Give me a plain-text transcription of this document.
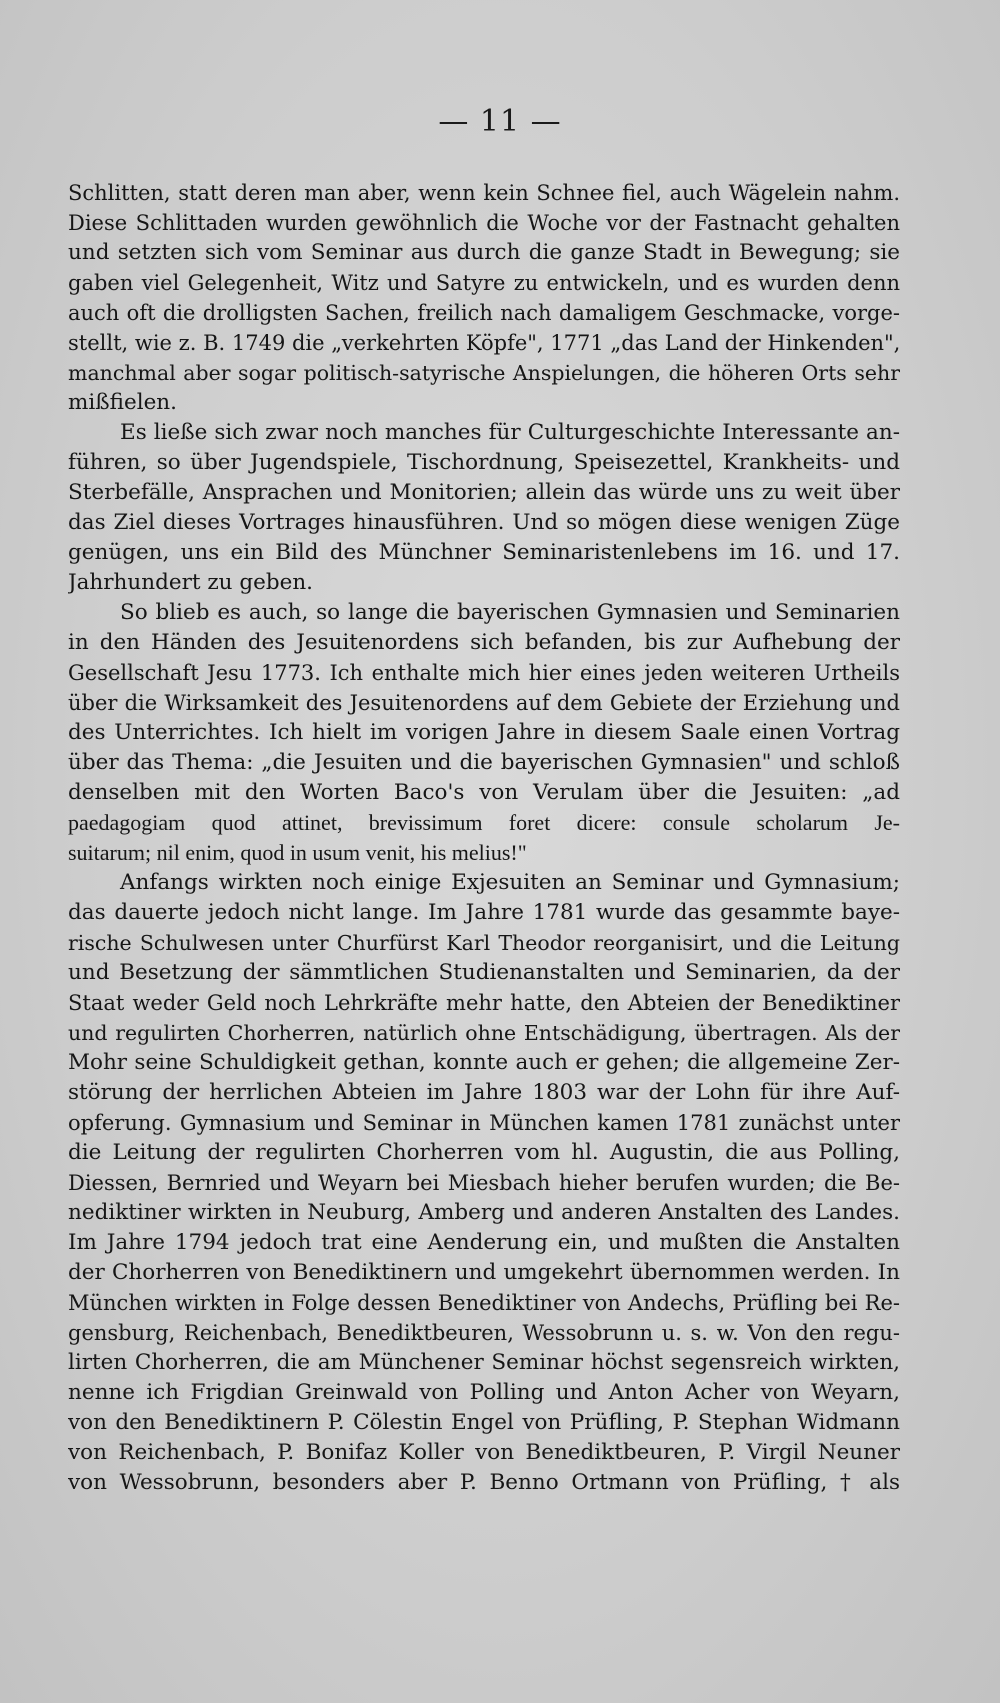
— 11 —
Schlitten, statt deren man aber, wenn kein Schnee fiel, auch Wägelein nahm.
Diese Schlittaden wurden gewöhnlich die Woche vor der Fastnacht gehalten
und setzten sich vom Seminar aus durch die ganze Stadt in Bewegung; sie
gaben viel Gelegenheit, Witz und Satyre zu entwickeln, und es wurden denn
auch oft die drolligsten Sachen, freilich nach damaligem Geschmacke, vorge-
stellt, wie z. B. 1749 die „verkehrten Köpfe", 1771 „das Land der Hinkenden",
manchmal aber sogar politisch-satyrische Anspielungen, die höheren Orts sehr
mißfielen.
Es ließe sich zwar noch manches für Culturgeschichte Interessante an-
führen, so über Jugendspiele, Tischordnung, Speisezettel, Krankheits- und
Sterbefälle, Ansprachen und Monitorien; allein das würde uns zu weit über
das Ziel dieses Vortrages hinausführen. Und so mögen diese wenigen Züge
genügen, uns ein Bild des Münchner Seminaristenlebens im 16. und 17.
Jahrhundert zu geben.
So blieb es auch, so lange die bayerischen Gymnasien und Seminarien
in den Händen des Jesuitenordens sich befanden, bis zur Aufhebung der
Gesellschaft Jesu 1773. Ich enthalte mich hier eines jeden weiteren Urtheils
über die Wirksamkeit des Jesuitenordens auf dem Gebiete der Erziehung und
des Unterrichtes. Ich hielt im vorigen Jahre in diesem Saale einen Vortrag
über das Thema: „die Jesuiten und die bayerischen Gymnasien" und schloß
denselben mit den Worten Baco's von Verulam über die Jesuiten: „ad
paedagogiam quod attinet, brevissimum foret dicere: consule scholarum Je-
suitarum; nil enim, quod in usum venit, his melius!"
Anfangs wirkten noch einige Exjesuiten an Seminar und Gymnasium;
das dauerte jedoch nicht lange. Im Jahre 1781 wurde das gesammte baye-
rische Schulwesen unter Churfürst Karl Theodor reorganisirt, und die Leitung
und Besetzung der sämmtlichen Studienanstalten und Seminarien, da der
Staat weder Geld noch Lehrkräfte mehr hatte, den Abteien der Benediktiner
und regulirten Chorherren, natürlich ohne Entschädigung, übertragen. Als der
Mohr seine Schuldigkeit gethan, konnte auch er gehen; die allgemeine Zer-
störung der herrlichen Abteien im Jahre 1803 war der Lohn für ihre Auf-
opferung. Gymnasium und Seminar in München kamen 1781 zunächst unter
die Leitung der regulirten Chorherren vom hl. Augustin, die aus Polling,
Diessen, Bernried und Weyarn bei Miesbach hieher berufen wurden; die Be-
nediktiner wirkten in Neuburg, Amberg und anderen Anstalten des Landes.
Im Jahre 1794 jedoch trat eine Aenderung ein, und mußten die Anstalten
der Chorherren von Benediktinern und umgekehrt übernommen werden. In
München wirkten in Folge dessen Benediktiner von Andechs, Prüfling bei Re-
gensburg, Reichenbach, Benediktbeuren, Wessobrunn u. s. w. Von den regu-
lirten Chorherren, die am Münchener Seminar höchst segensreich wirkten,
nenne ich Frigdian Greinwald von Polling und Anton Acher von Weyarn,
von den Benediktinern P. Cölestin Engel von Prüfling, P. Stephan Widmann
von Reichenbach, P. Bonifaz Koller von Benediktbeuren, P. Virgil Neuner
von Wessobrunn, besonders aber P. Benno Ortmann von Prüfling, † als
